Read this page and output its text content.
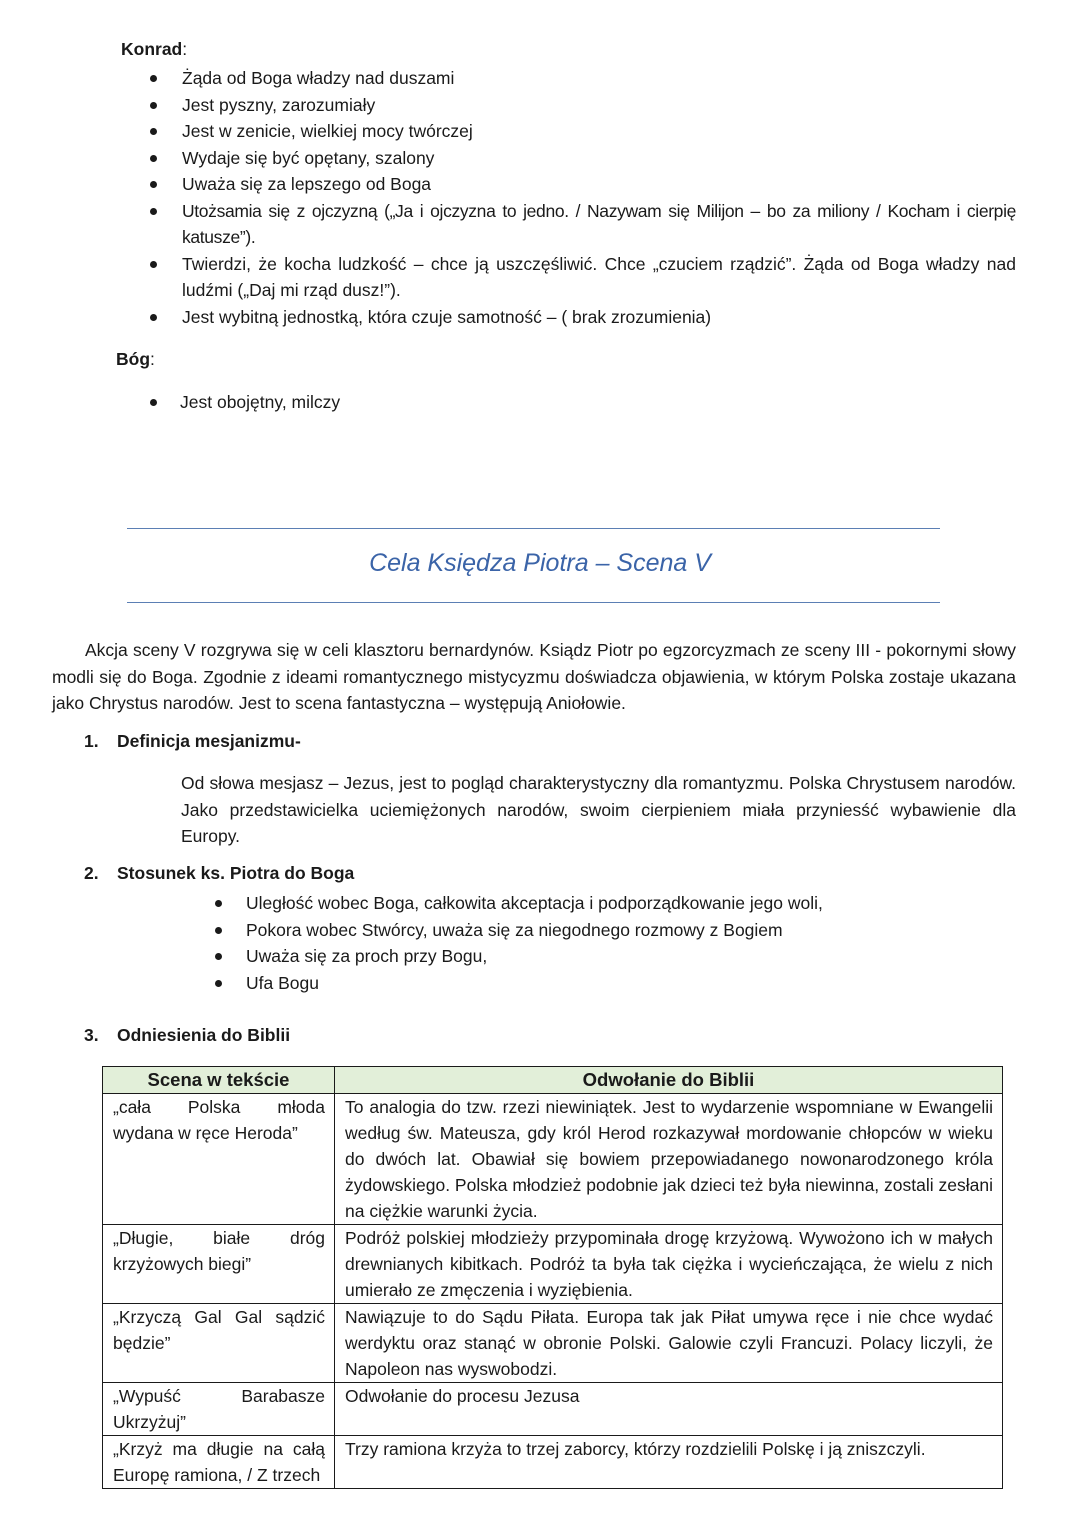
Konrad:
Żąda od Boga władzy nad duszami
Jest pyszny, zarozumiały
Jest w zenicie, wielkiej mocy twórczej
Wydaje się być opętany, szalony
Uważa się za lepszego od Boga
Utożsamia się z ojczyzną („Ja i ojczyzna to jedno. / Nazywam się Milijon – bo za miliony / Kocham i cierpię katusze”).
Twierdzi, że kocha ludzkość – chce ją uszczęśliwić. Chce „czuciem rządzić”. Żąda od Boga władzy nad ludźmi („Daj mi rząd dusz!”).
Jest wybitną jednostką, która czuje samotność – ( brak zrozumienia)
Bóg:
Jest obojętny, milczy
Cela Księdza Piotra – Scena V
Akcja sceny V rozgrywa się w celi klasztoru bernardynów. Ksiądz Piotr po egzorcyzmach ze sceny III - pokornymi słowy modli się do Boga. Zgodnie z ideami romantycznego mistycyzmu doświadcza objawienia, w którym Polska zostaje ukazana jako Chrystus narodów. Jest to scena fantastyczna – występują Aniołowie.
1. Definicja mesjanizmu-
Od słowa mesjasz – Jezus, jest to pogląd charakterystyczny dla romantyzmu. Polska Chrystusem narodów. Jako przedstawicielka uciemiężonych narodów, swoim cierpieniem miała przyniesść wybawienie dla Europy.
2. Stosunek ks. Piotra do Boga
Uległość wobec Boga, całkowita akceptacja i podporządkowanie jego woli,
Pokora wobec Stwórcy, uważa się za niegodnego rozmowy z Bogiem
Uważa się za proch przy Bogu,
Ufa Bogu
3. Odniesienia do Biblii
Scena w tekście	Odwołanie do Biblii
„cała Polska młoda wydana w ręce Heroda”	To analogia do tzw. rzezi niewiniątek. Jest to wydarzenie wspomniane w Ewangelii według św. Mateusza, gdy król Herod rozkazywał mordowanie chłopców w wieku do dwóch lat. Obawiał się bowiem przepowiadanego nowonarodzonego króla żydowskiego. Polska młodzież podobnie jak dzieci też była niewinna, zostali zesłani na ciężkie warunki życia.
„Długie, białe dróg krzyżowych biegi”	Podróż polskiej młodzieży przypominała drogę krzyżową. Wywożono ich w małych drewnianych kibitkach. Podróż ta była tak ciężka i wycieńczająca, że wielu z nich umierało ze zmęczenia i wyziębienia.
„Krzyczą Gal Gal sądzić będzie”	Nawiązuje to do Sądu Piłata. Europa tak jak Piłat umywa ręce i nie chce wydać werdyktu oraz stanąć w obronie Polski. Galowie czyli Francuzi. Polacy liczyli, że Napoleon nas wyswobodzi.
„Wypuść Barabasze Ukrzyżuj”	Odwołanie do procesu Jezusa
„Krzyż ma długie na całą Europę ramiona, / Z trzech	Trzy ramiona krzyża to trzej zaborcy, którzy rozdzielili Polskę i ją zniszczyli.
